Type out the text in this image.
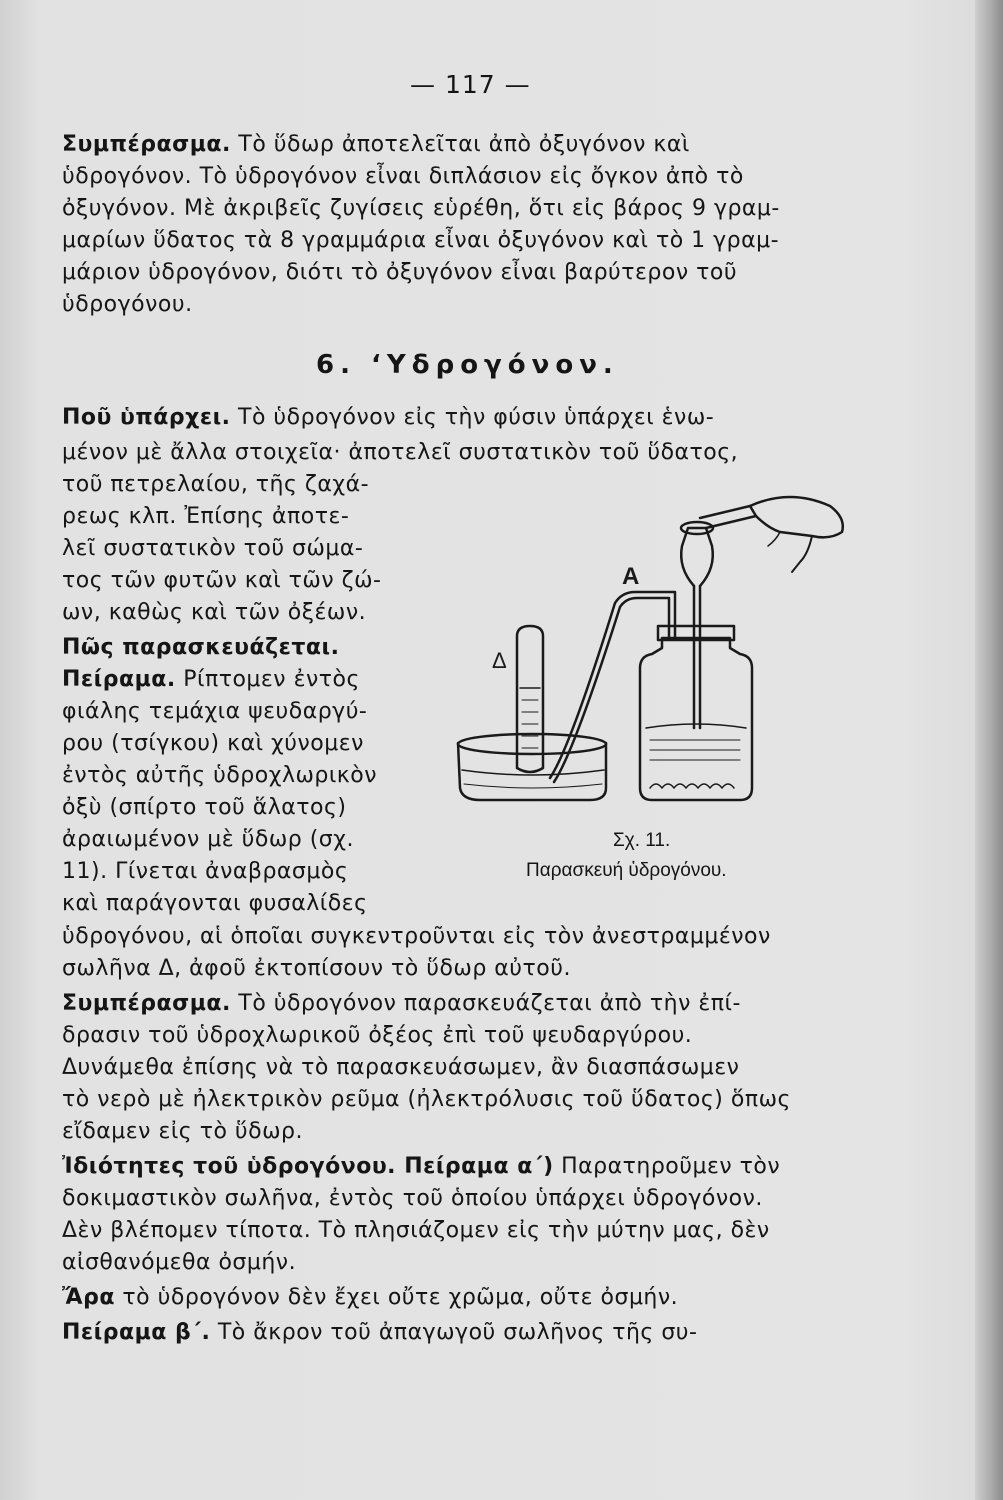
— 117 —
6. ‘Υδρογόνον.
Συμπέρασμα. Τὸ ὕδωρ ἀποτελεῖται ἀπὸ ὀξυγόνον καὶ
ὑδρογόνον. Τὸ ὑδρογόνον εἶναι διπλάσιον εἰς ὄγκον ἀπὸ τὸ
ὀξυγόνον. Μὲ ἀκριβεῖς ζυγίσεις εὑρέθη, ὅτι εἰς βάρος 9 γραμ-
μαρίων ὕδατος τὰ 8 γραμμάρια εἶναι ὀξυγόνον καὶ τὸ 1 γραμ-
μάριον ὑδρογόνον, διότι τὸ ὀξυγόνον εἶναι βαρύτερον τοῦ
ὑδρογόνου.
Ποῦ ὑπάρχει. Τὸ ὑδρογόνον εἰς τὴν φύσιν ὑπάρχει ἑνω-
μένον μὲ ἄλλα στοιχεῖα· ἀποτελεῖ συστατικὸν τοῦ ὕδατος,
τοῦ πετρελαίου, τῆς ζαχά-
ρεως κλπ. Ἐπίσης ἀποτε-
λεῖ συστατικὸν τοῦ σώμα-
τος τῶν φυτῶν καὶ τῶν ζώ-
ων, καθὼς καὶ τῶν ὀξέων.
Πῶς παρασκευάζεται.
Πείραμα. Ρίπτομεν ἐντὸς
φιάλης τεμάχια ψευδαργύ-
ρου (τσίγκου) καὶ χύνομεν
ἐντὸς αὐτῆς ὑδροχλωρικὸν
ὀξὺ (σπίρτο τοῦ ἅλατος)
ἀραιωμένον μὲ ὕδωρ (σχ.
11). Γίνεται ἀναβρασμὸς
καὶ παράγονται φυσαλίδες
ὑδρογόνου, αἱ ὁποῖαι συγκεντροῦνται εἰς τὸν ἀνεστραμμένον
σωλῆνα Δ, ἀφοῦ ἐκτοπίσουν τὸ ὕδωρ αὐτοῦ.
Συμπέρασμα. Τὸ ὑδρογόνον παρασκευάζεται ἀπὸ τὴν ἐπί-
δρασιν τοῦ ὑδροχλωρικοῦ ὀξέος ἐπὶ τοῦ ψευδαργύρου.
Δυνάμεθα ἐπίσης νὰ τὸ παρασκευάσωμεν, ἂν διασπάσωμεν
τὸ νερὸ μὲ ἠλεκτρικὸν ρεῦμα (ἠλεκτρόλυσις τοῦ ὕδατος) ὅπως
εἴδαμεν εἰς τὸ ὕδωρ.
Ἰδιότητες τοῦ ὑδρογόνου. Πείραμα α΄) Παρατηροῦμεν τὸν
δοκιμαστικὸν σωλῆνα, ἐντὸς τοῦ ὁποίου ὑπάρχει ὑδρογόνον.
Δὲν βλέπομεν τίποτα. Τὸ πλησιάζομεν εἰς τὴν μύτην μας, δὲν
αἰσθανόμεθα ὀσμήν.
Ἄρα τὸ ὑδρογόνον δὲν ἔχει οὔτε χρῶμα, οὔτε ὀσμήν.
Πείραμα β΄. Τὸ ἄκρον τοῦ ἀπαγωγοῦ σωλῆνος τῆς συ-
Α
Δ
Σχ. 11.
Παρασκευή ὑδρογόνου.
